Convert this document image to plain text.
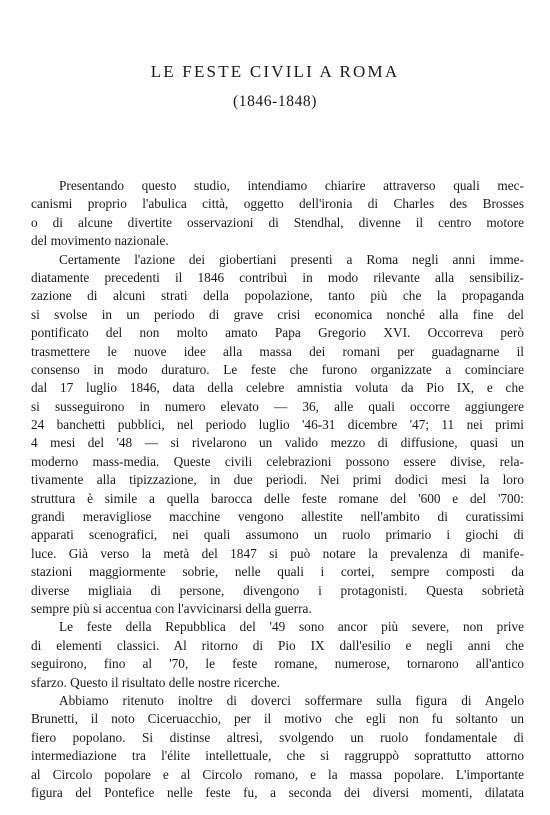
LE FESTE CIVILI A ROMA
(1846-1848)
Presentando questo studio, intendiamo chiarire attraverso quali mec-
canismi proprio l'abulica città, oggetto dell'ironia di Charles des Brosses
o di alcune divertite osservazioni di Stendhal, divenne il centro motore
del movimento nazionale.
Certamente l'azione dei giobertiani presenti a Roma negli anni imme-
diatamente precedenti il 1846 contribuì in modo rilevante alla sensibiliz-
zazione di alcuni strati della popolazione, tanto più che la propaganda
si svolse in un periodo di grave crisi economica nonché alla fine del
pontificato del non molto amato Papa Gregorio XVI. Occorreva però
trasmettere le nuove idee alla massa dei romani per guadagnarne il
consenso in modo duraturo. Le feste che furono organizzate a cominciare
dal 17 luglio 1846, data della celebre amnistia voluta da Pio IX, e che
si susseguirono in numero elevato — 36, alle quali occorre aggiungere
24 banchetti pubblici, nel periodo luglio '46-31 dicembre '47; 11 nei primi
4 mesi del '48 — si rivelarono un valido mezzo di diffusione, quasi un
moderno mass-media. Queste civili celebrazioni possono essere divise, rela-
tivamente alla tipizzazione, in due periodi. Nei primi dodici mesi la loro
struttura è simile a quella barocca delle feste romane del '600 e del '700:
grandi meravigliose macchine vengono allestite nell'ambito di curatissimi
apparati scenografici, nei quali assumono un ruolo primario i giochi di
luce. Già verso la metà del 1847 si può notare la prevalenza di manife-
stazioni maggiormente sobrie, nelle quali i cortei, sempre composti da
diverse migliaia di persone, divengono i protagonisti. Questa sobrietà
sempre più si accentua con l'avvicinarsi della guerra.
Le feste della Repubblica del '49 sono ancor più severe, non prive
di elementi classici. Al ritorno di Pio IX dall'esilio e negli anni che
seguirono, fino al '70, le feste romane, numerose, tornarono all'antico
sfarzo. Questo il risultato delle nostre ricerche.
Abbiamo ritenuto inoltre di doverci soffermare sulla figura di Angelo
Brunetti, il noto Ciceruacchio, per il motivo che egli non fu soltanto un
fiero popolano. Si distinse altresì, svolgendo un ruolo fondamentale di
intermediazione tra l'élite intellettuale, che si raggruppò soprattutto attorno
al Circolo popolare e al Circolo romano, e la massa popolare. L'importante
figura del Pontefice nelle feste fu, a seconda dei diversi momenti, dilatata
